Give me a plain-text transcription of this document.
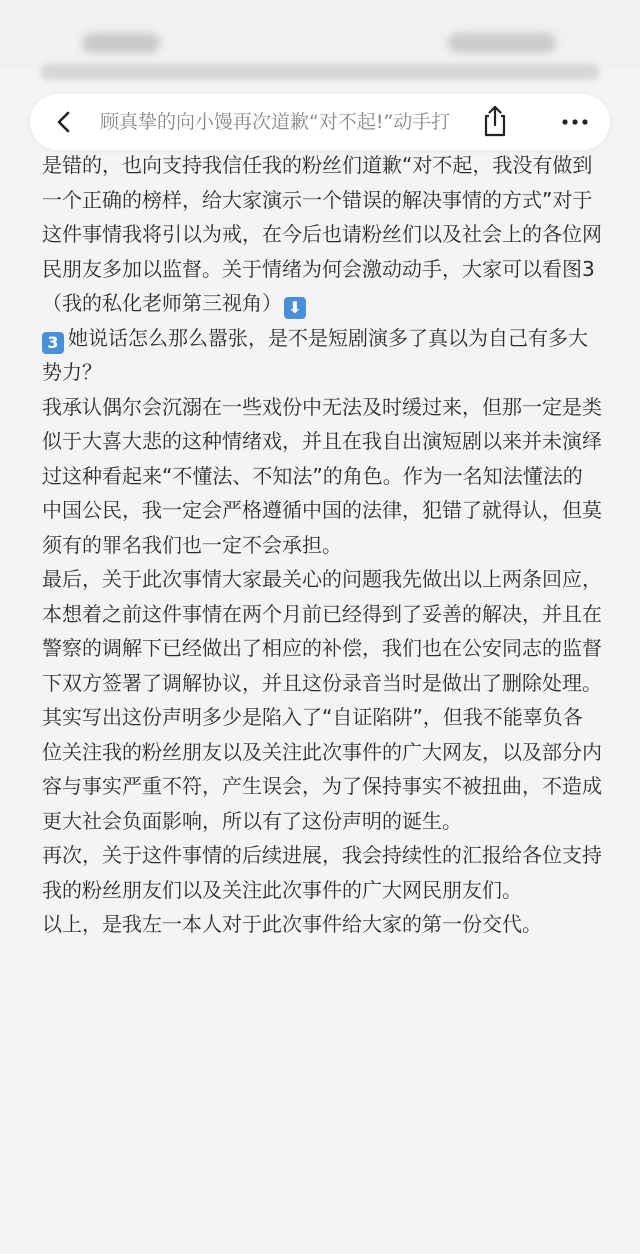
顾真挚的向小馒再次道歉“对不起!”动手打

是错的，也向支持我信任我的粉丝们道歉“对不起，我没有做到一个正确的榜样，给大家演示一个错误的解决事情的方式”对于这件事情我将引以为戒，在今后也请粉丝们以及社会上的各位网民朋友多加以监督。关于情绪为何会激动动手，大家可以看图3（我的私化老师第三视角） ⬇

3 她说话怎么那么嚣张，是不是短剧演多了真以为自己有多大势力？

我承认偶尔会沉溺在一些戏份中无法及时缓过来，但那一定是类似于大喜大悲的这种情绪戏，并且在我自出演短剧以来并未演绎过这种看起来“不懂法、不知法”的角色。作为一名知法懂法的中国公民，我一定会严格遵循中国的法律，犯错了就得认，但莫须有的罪名我们也一定不会承担。

最后，关于此次事情大家最关心的问题我先做出以上两条回应，本想着之前这件事情在两个月前已经得到了妥善的解决，并且在警察的调解下已经做出了相应的补偿，我们也在公安同志的监督下双方签署了调解协议，并且这份录音当时是做出了删除处理。其实写出这份声明多少是陷入了“自证陷阱”，但我不能辜负各位关注我的粉丝朋友以及关注此次事件的广大网友，以及部分内容与事实严重不符，产生误会，为了保持事实不被扭曲，不造成更大社会负面影响，所以有了这份声明的诞生。

再次，关于这件事情的后续进展，我会持续性的汇报给各位支持我的粉丝朋友们以及关注此次事件的广大网民朋友们。

以上，是我左一本人对于此次事件给大家的第一份交代。
